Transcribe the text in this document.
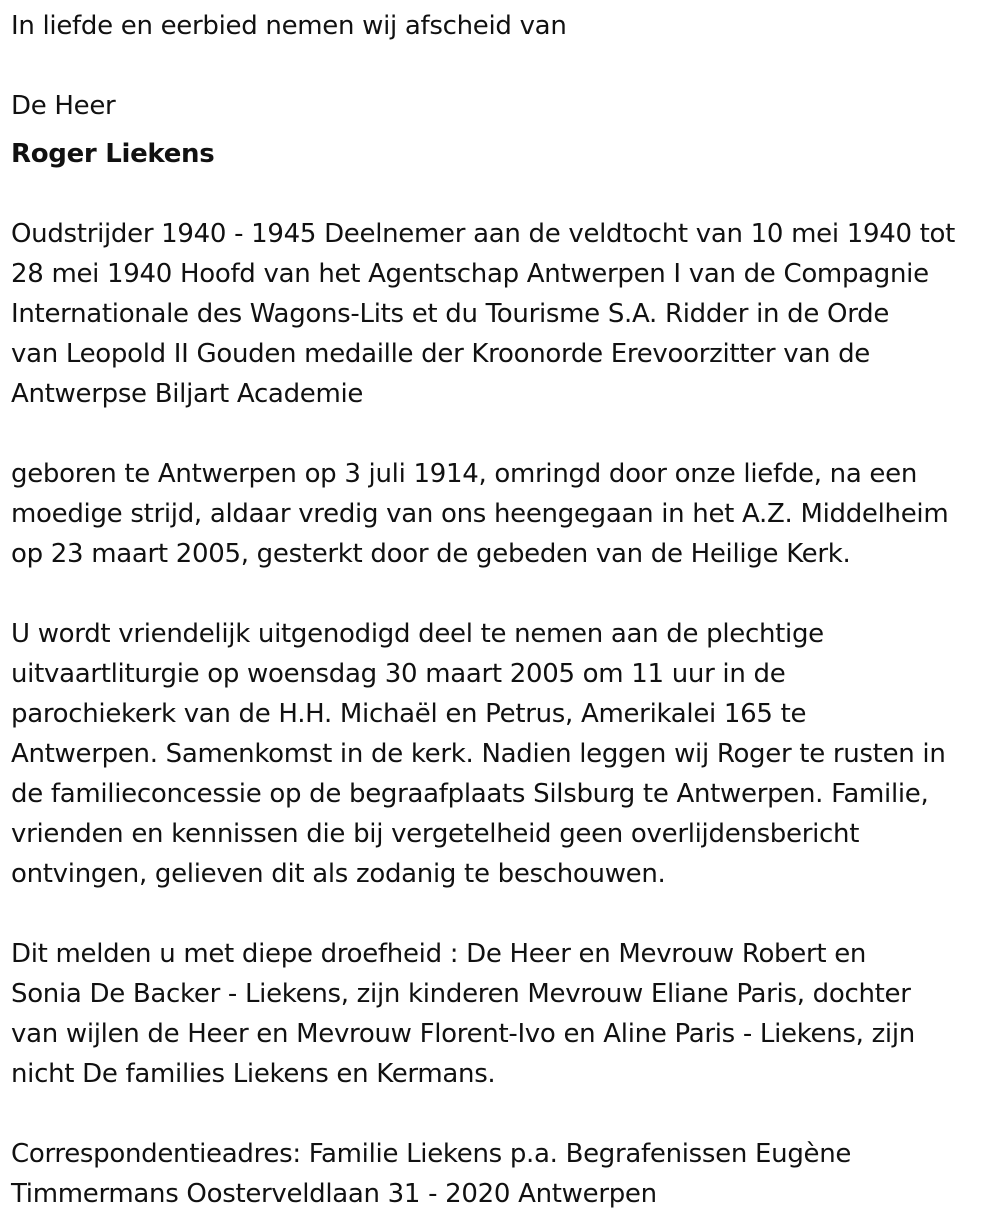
In liefde en eerbied nemen wij afscheid van
De Heer
Roger Liekens
Oudstrijder 1940 - 1945 Deelnemer aan de veldtocht van 10 mei 1940 tot
28 mei 1940 Hoofd van het Agentschap Antwerpen I van de Compagnie
Internationale des Wagons-Lits et du Tourisme S.A. Ridder in de Orde
van Leopold II Gouden medaille der Kroonorde Erevoorzitter van de
Antwerpse Biljart Academie
geboren te Antwerpen op 3 juli 1914, omringd door onze liefde, na een
moedige strijd, aldaar vredig van ons heengegaan in het A.Z. Middelheim
op 23 maart 2005, gesterkt door de gebeden van de Heilige Kerk.
U wordt vriendelijk uitgenodigd deel te nemen aan de plechtige
uitvaartliturgie op woensdag 30 maart 2005 om 11 uur in de
parochiekerk van de H.H. Michaël en Petrus, Amerikalei 165 te
Antwerpen. Samenkomst in de kerk. Nadien leggen wij Roger te rusten in
de familieconcessie op de begraafplaats Silsburg te Antwerpen. Familie,
vrienden en kennissen die bij vergetelheid geen overlijdensbericht
ontvingen, gelieven dit als zodanig te beschouwen.
Dit melden u met diepe droefheid : De Heer en Mevrouw Robert en
Sonia De Backer - Liekens, zijn kinderen Mevrouw Eliane Paris, dochter
van wijlen de Heer en Mevrouw Florent-Ivo en Aline Paris - Liekens, zijn
nicht De families Liekens en Kermans.
Correspondentieadres: Familie Liekens p.a. Begrafenissen Eugène
Timmermans Oosterveldlaan 31 - 2020 Antwerpen
